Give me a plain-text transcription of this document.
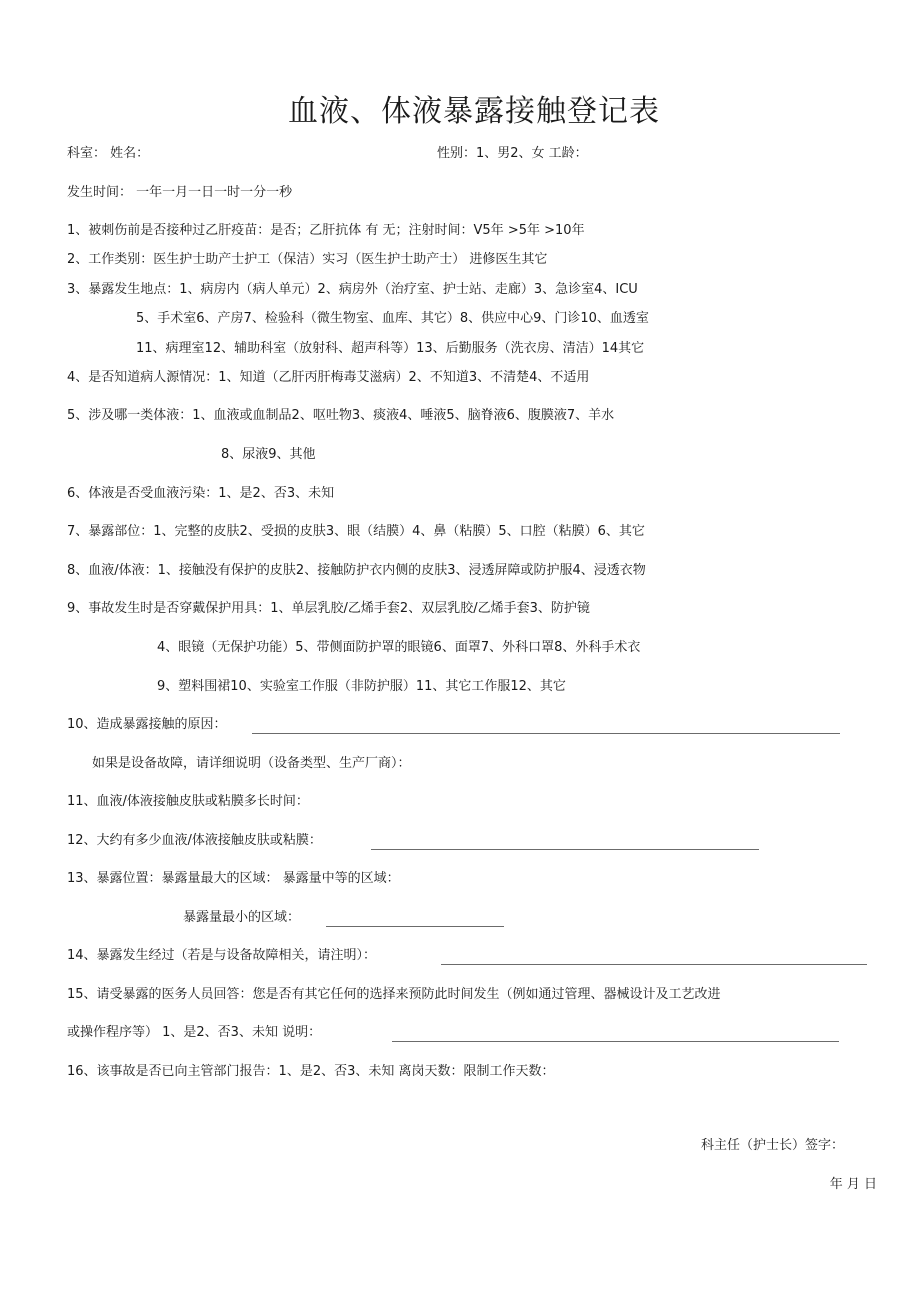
血液、体液暴露接触登记表
科室： 姓名：	性别：1、男2、女 工龄：
发生时间： 一年一月一日一时一分一秒
1、被刺伤前是否接种过乙肝疫苗：是否；乙肝抗体 有 无；注射时间：V5年 >5年 >10年
2、工作类别：医生护士助产士护工（保洁）实习（医生护士助产士） 进修医生其它
3、暴露发生地点：1、病房内（病人单元）2、病房外（治疗室、护士站、走廊）3、急诊室4、ICU
5、手术室6、产房7、检验科（微生物室、血库、其它）8、供应中心9、门诊10、血透室
11、病理室12、辅助科室（放射科、超声科等）13、后勤服务（洗衣房、清洁）14其它
4、是否知道病人源情况：1、知道（乙肝丙肝梅毒艾滋病）2、不知道3、不清楚4、不适用
5、涉及哪一类体液：1、血液或血制品2、呕吐物3、痰液4、唾液5、脑脊液6、腹膜液7、羊水
8、尿液9、其他
6、体液是否受血液污染：1、是2、否3、未知
7、暴露部位：1、完整的皮肤2、受损的皮肤3、眼（结膜）4、鼻（粘膜）5、口腔（粘膜）6、其它
8、血液/体液：1、接触没有保护的皮肤2、接触防护衣内侧的皮肤3、浸透屏障或防护服4、浸透衣物
9、事故发生时是否穿戴保护用具：1、单层乳胶/乙烯手套2、双层乳胶/乙烯手套3、防护镜
4、眼镜（无保护功能）5、带侧面防护罩的眼镜6、面罩7、外科口罩8、外科手术衣
9、塑料围裙10、实验室工作服（非防护服）11、其它工作服12、其它
10、造成暴露接触的原因：
如果是设备故障，请详细说明（设备类型、生产厂商）：
11、血液/体液接触皮肤或粘膜多长时间：
12、大约有多少血液/体液接触皮肤或粘膜：
13、暴露位置：暴露量最大的区域： 暴露量中等的区域：
暴露量最小的区域：
14、暴露发生经过（若是与设备故障相关，请注明）：
15、请受暴露的医务人员回答：您是否有其它任何的选择来预防此时间发生（例如通过管理、器械设计及工艺改进
或操作程序等） 1、是2、否3、未知 说明：
16、该事故是否已向主管部门报告：1、是2、否3、未知 离岗天数：限制工作天数：
科主任（护士长）签字：
年 月 日
